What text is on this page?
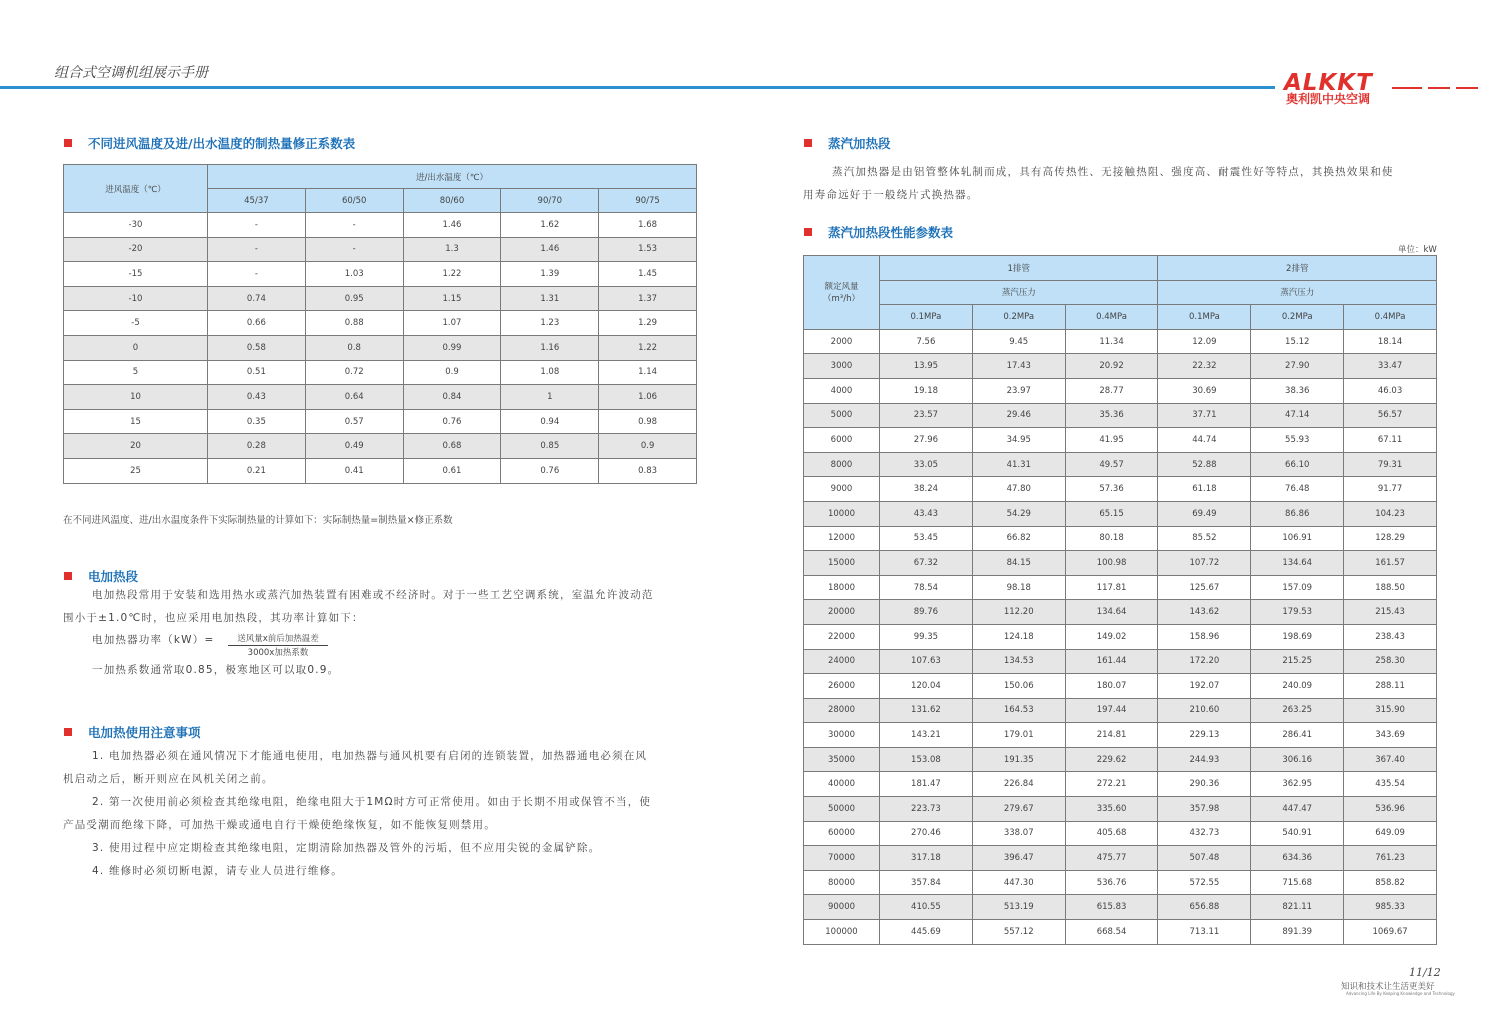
组合式空调机组展示手册	ALKKT
奥利凯中央空调
不同进风温度及进/出水温度的制热量修正系数表
进风温度（℃）	进/出水温度（℃）				
	45/37	60/50	80/60	90/70	90/75
-30	-	-	1.46	1.62	1.68
-20	-	-	1.3	1.46	1.53
-15	-	1.03	1.22	1.39	1.45
-10	0.74	0.95	1.15	1.31	1.37
-5	0.66	0.88	1.07	1.23	1.29
0	0.58	0.8	0.99	1.16	1.22
5	0.51	0.72	0.9	1.08	1.14
10	0.43	0.64	0.84	1	1.06
15	0.35	0.57	0.76	0.94	0.98
20	0.28	0.49	0.68	0.85	0.9
25	0.21	0.41	0.61	0.76	0.83
在不同进风温度、进/出水温度条件下实际制热量的计算如下：实际制热量=制热量×修正系数
电加热段
电加热段常用于安装和选用热水或蒸汽加热装置有困难或不经济时。对于一些工艺空调系统，室温允许波动范
围小于±1.0℃时，也应采用电加热段，其功率计算如下：
电加热器功率（kW）=	送风量x前后加热温差
3000x加热系数
一加热系数通常取0.85，极寒地区可以取0.9。
电加热使用注意事项
1. 电加热器必须在通风情况下才能通电使用，电加热器与通风机要有启闭的连锁装置，加热器通电必须在风
机启动之后，断开则应在风机关闭之前。
2. 第一次使用前必须检查其绝缘电阻，绝缘电阻大于1MΩ时方可正常使用。如由于长期不用或保管不当，使
产品受潮而绝缘下降，可加热干燥或通电自行干燥使绝缘恢复，如不能恢复则禁用。
3. 使用过程中应定期检查其绝缘电阻，定期清除加热器及管外的污垢，但不应用尖锐的金属铲除。
4. 维修时必须切断电源，请专业人员进行维修。
蒸汽加热段
蒸汽加热器是由铝管整体轧制而成，具有高传热性、无接触热阻、强度高、耐震性好等特点，其换热效果和使
用寿命远好于一般绕片式换热器。
蒸汽加热段性能参数表
单位：kW
额定风量
（m³/h）	1排管			2排管		
	蒸汽压力			蒸汽压力		
	0.1MPa	0.2MPa	0.4MPa	0.1MPa	0.2MPa	0.4MPa
2000	7.56	9.45	11.34	12.09	15.12	18.14
3000	13.95	17.43	20.92	22.32	27.90	33.47
4000	19.18	23.97	28.77	30.69	38.36	46.03
5000	23.57	29.46	35.36	37.71	47.14	56.57
6000	27.96	34.95	41.95	44.74	55.93	67.11
8000	33.05	41.31	49.57	52.88	66.10	79.31
9000	38.24	47.80	57.36	61.18	76.48	91.77
10000	43.43	54.29	65.15	69.49	86.86	104.23
12000	53.45	66.82	80.18	85.52	106.91	128.29
15000	67.32	84.15	100.98	107.72	134.64	161.57
18000	78.54	98.18	117.81	125.67	157.09	188.50
20000	89.76	112.20	134.64	143.62	179.53	215.43
22000	99.35	124.18	149.02	158.96	198.69	238.43
24000	107.63	134.53	161.44	172.20	215.25	258.30
26000	120.04	150.06	180.07	192.07	240.09	288.11
28000	131.62	164.53	197.44	210.60	263.25	315.90
30000	143.21	179.01	214.81	229.13	286.41	343.69
35000	153.08	191.35	229.62	244.93	306.16	367.40
40000	181.47	226.84	272.21	290.36	362.95	435.54
50000	223.73	279.67	335.60	357.98	447.47	536.96
60000	270.46	338.07	405.68	432.73	540.91	649.09
70000	317.18	396.47	475.77	507.48	634.36	761.23
80000	357.84	447.30	536.76	572.55	715.68	858.82
90000	410.55	513.19	615.83	656.88	821.11	985.33
100000	445.69	557.12	668.54	713.11	891.39	1069.67
11/12
知识和技术让生活更美好
Advancing Life By Keeping Knowledge and Technology
